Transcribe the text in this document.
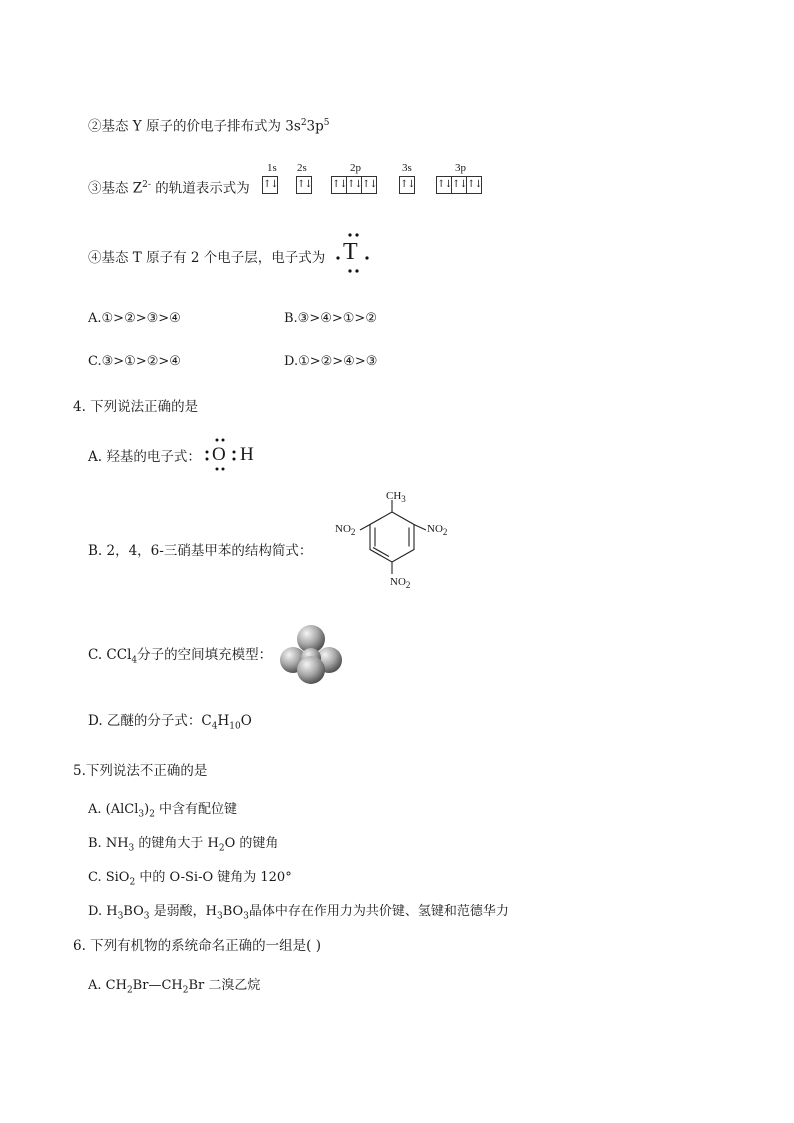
②基态 Y 原子的价电子排布式为 $3s^23p^5$
③基态 $Z^{2-}$ 的轨道表示式为
1s
↑↓
2s
↑↓
2p
↑↓ ↑↓ ↑↓
3s
↑↓
3p
↑↓ ↑↓ ↑↓
④基态 T 原子有 2 个电子层，电子式为 T
A.①>②>③>④	B.③>④>①>②
C.③>①>②>④	D.①>②>④>③
4. 下列说法正确的是
A. 羟基的电子式： O H
B. 2，4，6-三硝基甲苯的结构简式：
$CH_3$
$NO_2$	$NO_2$
$NO_2$
C. CCl$_4$分子的空间填充模型：
D. 乙醚的分子式：$C_4H_{10}O$
5.下列说法不正确的是
A. $(AlCl_3)_2$ 中含有配位键
B. $NH_3$ 的键角大于 $H_2O$ 的键角
C. SiO$_2$ 中的 O-Si-O 键角为 120°
D. $H_3BO_3$ 是弱酸，$H_3BO_3$晶体中存在作用力为共价键、氢键和范德华力
6. 下列有机物的系统命名正确的一组是( )
A. $CH_2Br—CH_2Br$ 二溴乙烷
